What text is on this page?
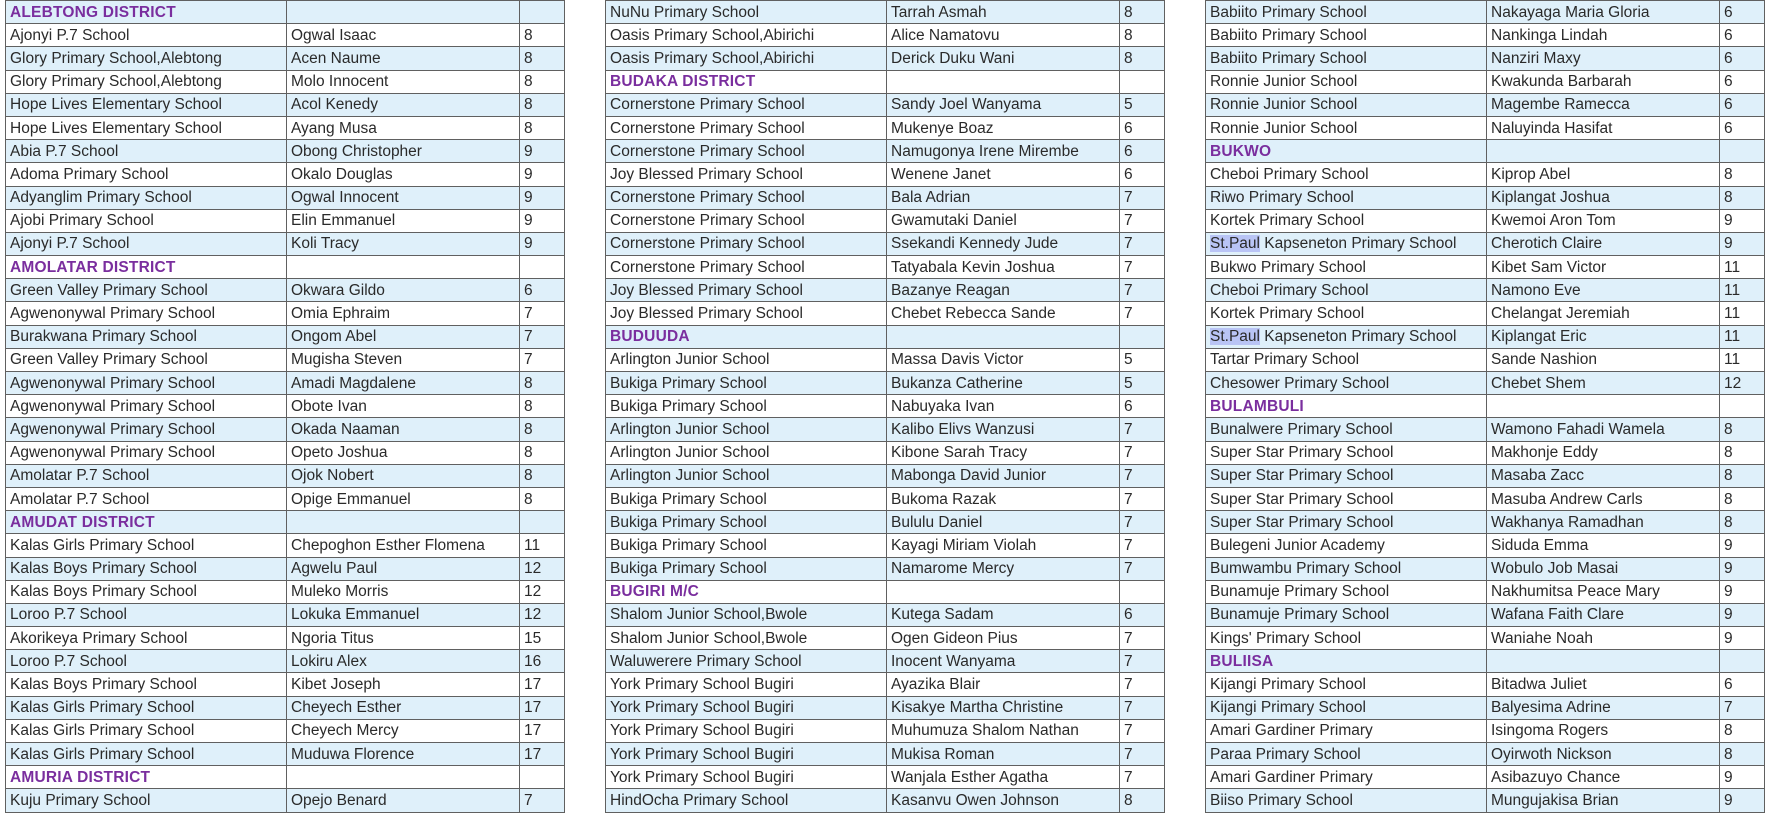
ALEBTONG DISTRICT		
Ajonyi P.7 School	Ogwal Isaac	8
Glory Primary School,Alebtong	Acen Naume	8
Glory Primary School,Alebtong	Molo Innocent	8
Hope Lives Elementary School	Acol Kenedy	8
Hope Lives Elementary School	Ayang Musa	8
Abia P.7 School	Obong Christopher	9
Adoma Primary School	Okalo Douglas	9
Adyanglim Primary School	Ogwal Innocent	9
Ajobi Primary School	Elin Emmanuel	9
Ajonyi P.7 School	Koli Tracy	9
AMOLATAR DISTRICT		
Green Valley Primary School	Okwara Gildo	6
Agwenonywal Primary School	Omia Ephraim	7
Burakwana Primary School	Ongom Abel	7
Green Valley Primary School	Mugisha Steven	7
Agwenonywal Primary School	Amadi Magdalene	8
Agwenonywal Primary School	Obote Ivan	8
Agwenonywal Primary School	Okada Naaman	8
Agwenonywal Primary School	Opeto Joshua	8
Amolatar P.7 School	Ojok Nobert	8
Amolatar P.7 School	Opige Emmanuel	8
AMUDAT DISTRICT		
Kalas Girls Primary School	Chepoghon Esther Flomena	11
Kalas Boys Primary School	Agwelu Paul	12
Kalas Boys Primary School	Muleko Morris	12
Loroo P.7 School	Lokuka Emmanuel	12
Akorikeya Primary School	Ngoria Titus	15
Loroo P.7 School	Lokiru Alex	16
Kalas Boys Primary School	Kibet Joseph	17
Kalas Girls Primary School	Cheyech Esther	17
Kalas Girls Primary School	Cheyech Mercy	17
Kalas Girls Primary School	Muduwa Florence	17
AMURIA DISTRICT		
Kuju Primary School	Opejo Benard	7
NuNu Primary School	Tarrah Asmah	8
Oasis Primary School,Abirichi	Alice Namatovu	8
Oasis Primary School,Abirichi	Derick Duku Wani	8
BUDAKA DISTRICT		
Cornerstone Primary School	Sandy Joel Wanyama	5
Cornerstone Primary School	Mukenye Boaz	6
Cornerstone Primary School	Namugonya Irene Mirembe	6
Joy Blessed Primary School	Wenene Janet	6
Cornerstone Primary School	Bala Adrian	7
Cornerstone Primary School	Gwamutaki Daniel	7
Cornerstone Primary School	Ssekandi Kennedy Jude	7
Cornerstone Primary School	Tatyabala Kevin Joshua	7
Joy Blessed Primary School	Bazanye Reagan	7
Joy Blessed Primary School	Chebet Rebecca Sande	7
BUDUUDA		
Arlington Junior School	Massa Davis Victor	5
Bukiga Primary School	Bukanza Catherine	5
Bukiga Primary School	Nabuyaka Ivan	6
Arlington Junior School	Kalibo Elivs Wanzusi	7
Arlington Junior School	Kibone Sarah Tracy	7
Arlington Junior School	Mabonga David Junior	7
Bukiga Primary School	Bukoma Razak	7
Bukiga Primary School	Bululu Daniel	7
Bukiga Primary School	Kayagi Miriam Violah	7
Bukiga Primary School	Namarome Mercy	7
BUGIRI M/C		
Shalom Junior School,Bwole	Kutega Sadam	6
Shalom Junior School,Bwole	Ogen Gideon Pius	7
Waluwerere Primary School	Inocent Wanyama	7
York Primary School Bugiri	Ayazika Blair	7
York Primary School Bugiri	Kisakye Martha Christine	7
York Primary School Bugiri	Muhumuza Shalom Nathan	7
York Primary School Bugiri	Mukisa Roman	7
York Primary School Bugiri	Wanjala Esther Agatha	7
HindOcha Primary School	Kasanvu Owen Johnson	8
Babiito Primary School	Nakayaga Maria Gloria	6
Babiito Primary School	Nankinga Lindah	6
Babiito Primary School	Nanziri Maxy	6
Ronnie Junior School	Kwakunda Barbarah	6
Ronnie Junior School	Magembe Ramecca	6
Ronnie Junior School	Naluyinda Hasifat	6
BUKWO		
Cheboi Primary School	Kiprop Abel	8
Riwo Primary School	Kiplangat Joshua	8
Kortek Primary School	Kwemoi Aron Tom	9
St.Paul Kapseneton Primary School	Cherotich Claire	9
Bukwo Primary School	Kibet Sam Victor	11
Cheboi Primary School	Namono Eve	11
Kortek Primary School	Chelangat Jeremiah	11
St.Paul Kapseneton Primary School	Kiplangat Eric	11
Tartar Primary School	Sande Nashion	11
Chesower Primary School	Chebet Shem	12
BULAMBULI		
Bunalwere Primary School	Wamono Fahadi Wamela	8
Super Star Primary School	Makhonje Eddy	8
Super Star Primary School	Masaba Zacc	8
Super Star Primary School	Masuba Andrew Carls	8
Super Star Primary School	Wakhanya Ramadhan	8
Bulegeni Junior Academy	Siduda Emma	9
Bumwambu Primary School	Wobulo Job Masai	9
Bunamuje Primary School	Nakhumitsa Peace Mary	9
Bunamuje Primary School	Wafana Faith Clare	9
Kings' Primary School	Waniahe Noah	9
BULIISA		
Kijangi Primary School	Bitadwa Juliet	6
Kijangi Primary School	Balyesima Adrine	7
Amari Gardiner Primary	Isingoma Rogers	8
Paraa Primary School	Oyirwoth Nickson	8
Amari Gardiner Primary	Asibazuyo Chance	9
Biiso Primary School	Mungujakisa Brian	9
